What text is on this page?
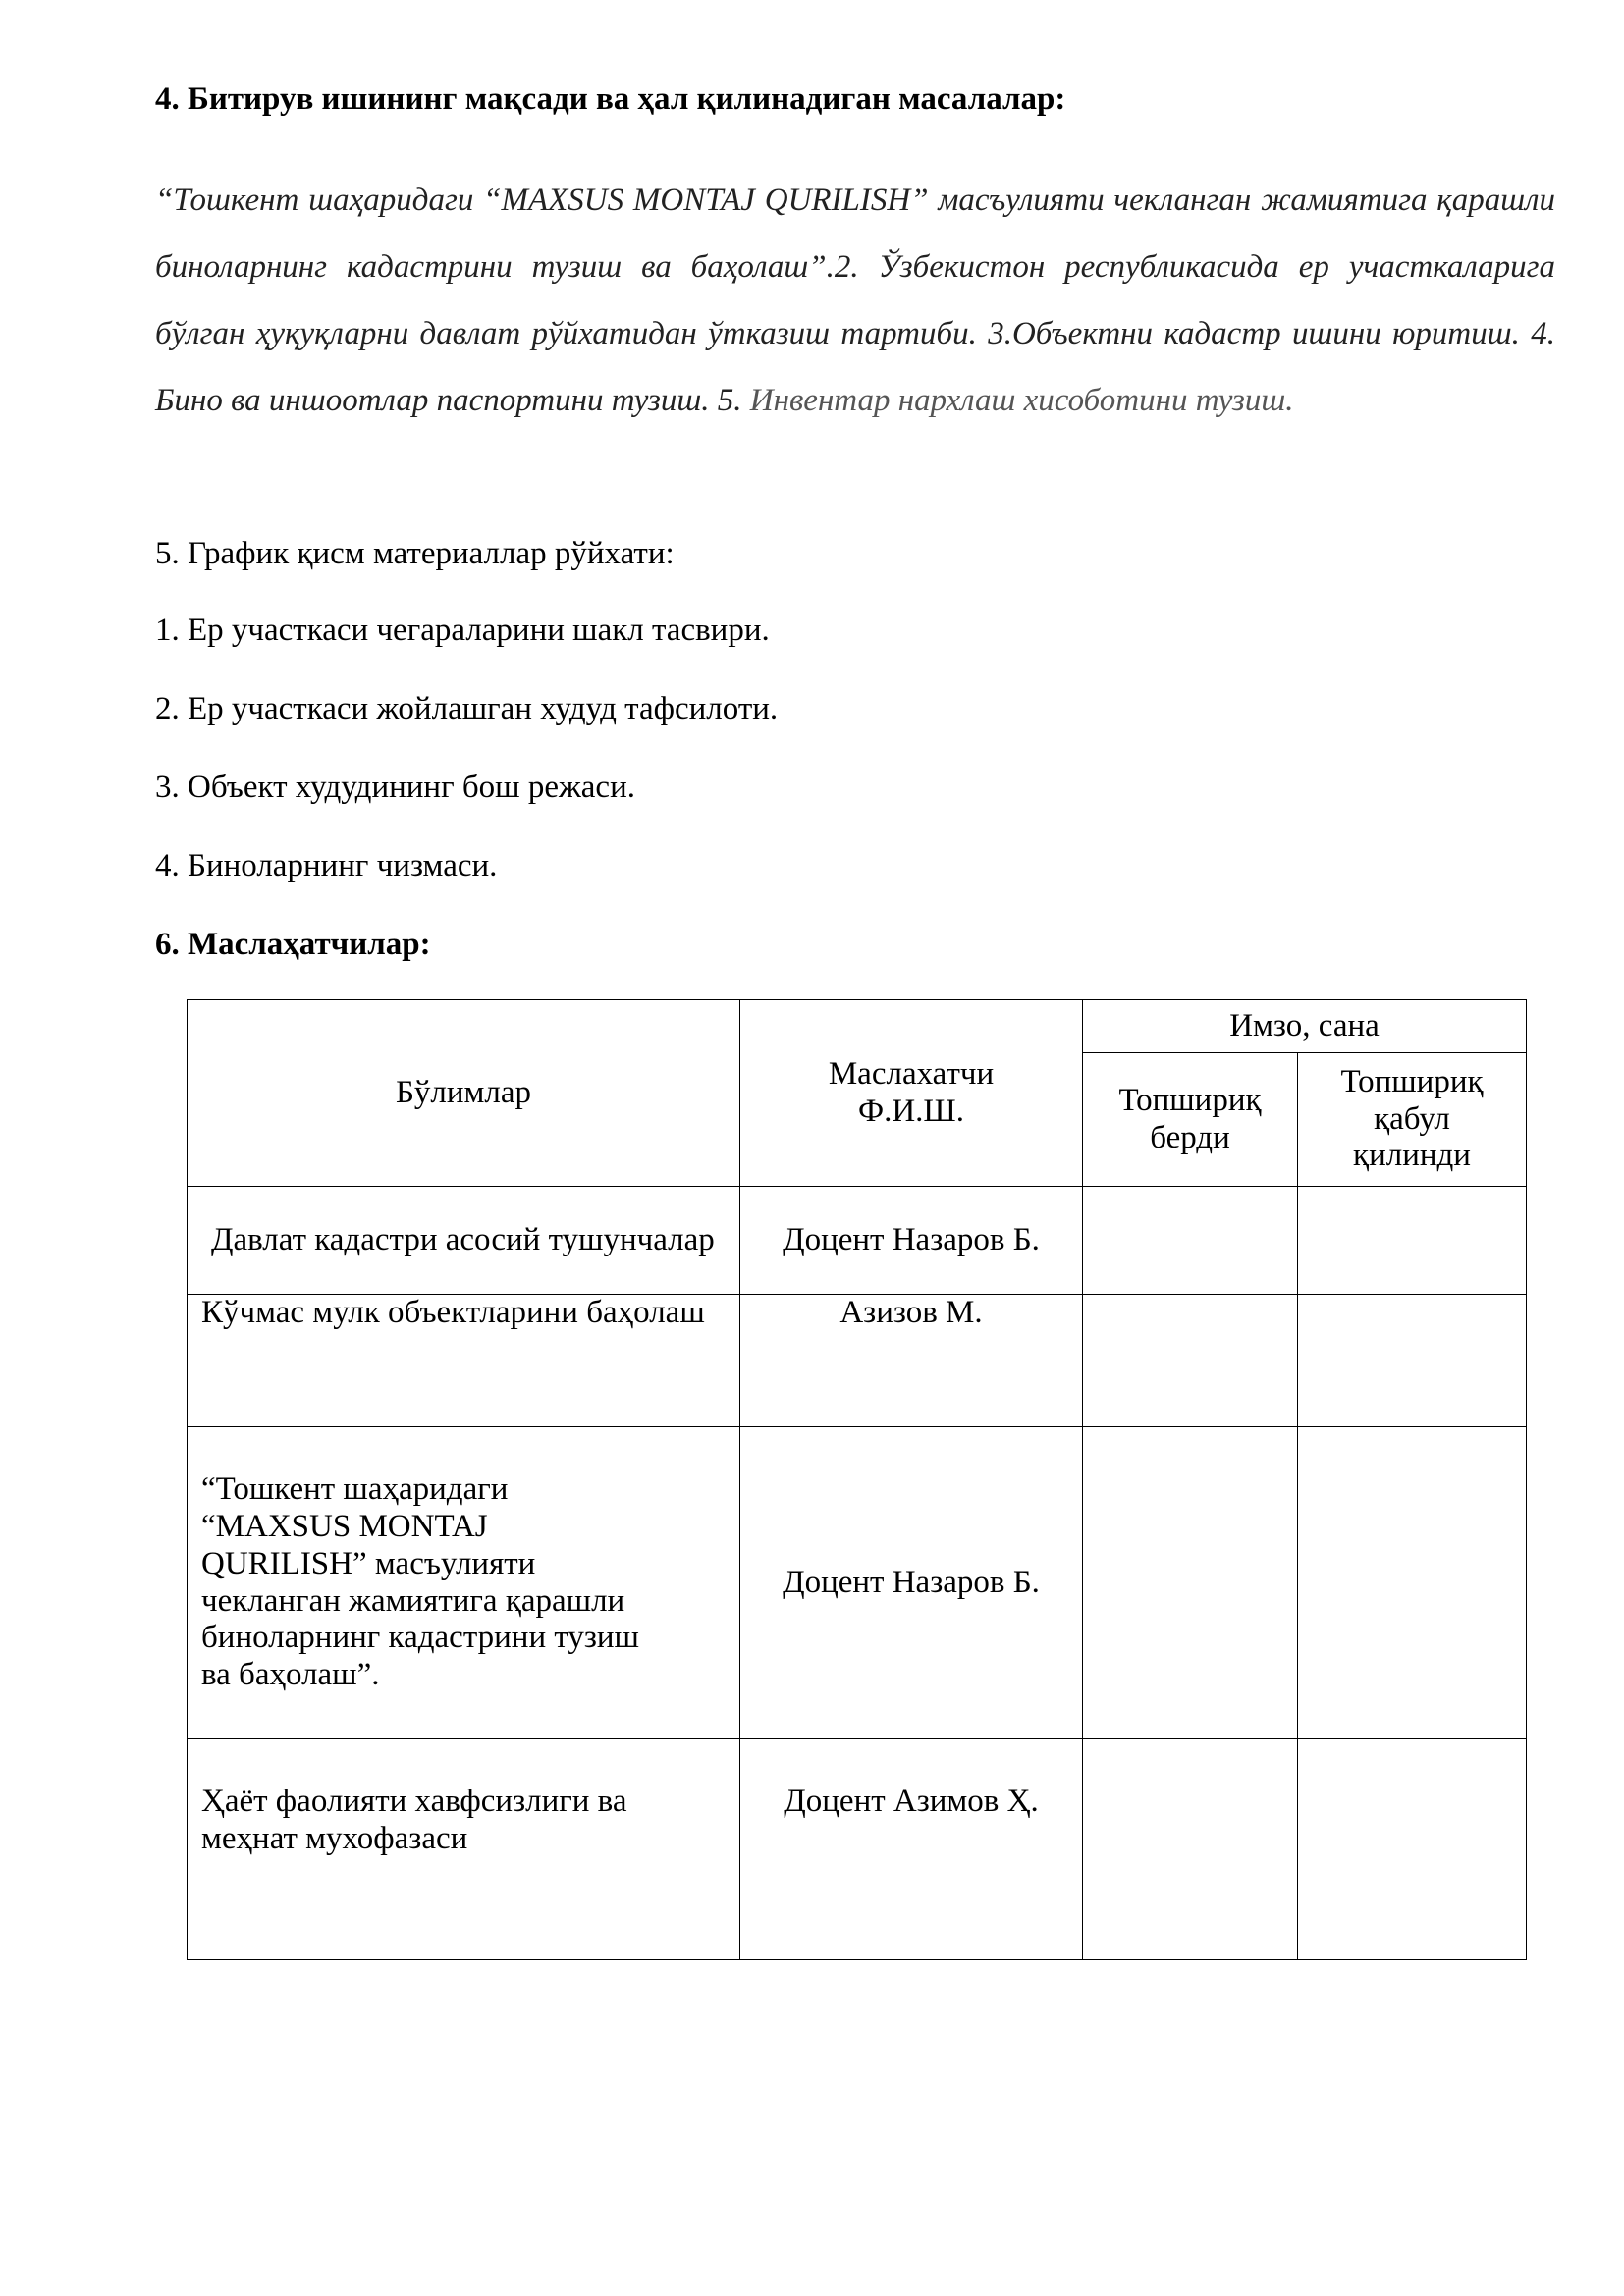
4. Битирув ишининг мақсади ва ҳал қилинадиган масалалар:

“Тошкент шаҳаридаги “MAXSUS MONTAJ QURILISH” масъулияти чекланган жамиятига қарашли биноларнинг кадастрини тузиш ва баҳолаш”.2. Ўзбекистон республикасида ер участкаларига бўлган ҳуқуқларни давлат рўйхатидан ўтказиш тартиби. 3.Объектни кадастр ишини юритиш. 4. Бино ва иншоотлар паспортини тузиш. 5. Инвентар нархлаш хисоботини тузиш.

5. График қисм материаллар рўйхати:
1. Ер участкаси чегараларини шакл тасвири.
2. Ер участкаси жойлашган худуд тафсилоти.
3. Объект худудининг бош режаси.
4. Биноларнинг чизмаси.
6. Маслаҳатчилар:
Бўлимлар	Маслахатчи Ф.И.Ш.	Имзо, сана	
		Топшириқ берди	Топшириқ қабул қилинди
Давлат кадастри асосий тушунчалар	Доцент Назаров Б.		
Кўчмас мулк объектларини баҳолаш	Азизов М.		
“Тошкент шаҳаридаги “MAXSUS MONTAJ QURILISH” масъулияти чекланган жамиятига қарашли биноларнинг кадастрини тузиш ва баҳолаш”.	Доцент Назаров Б.		
Ҳаёт фаолияти хавфсизлиги ва меҳнат мухофазаси	Доцент Азимов Ҳ.		
